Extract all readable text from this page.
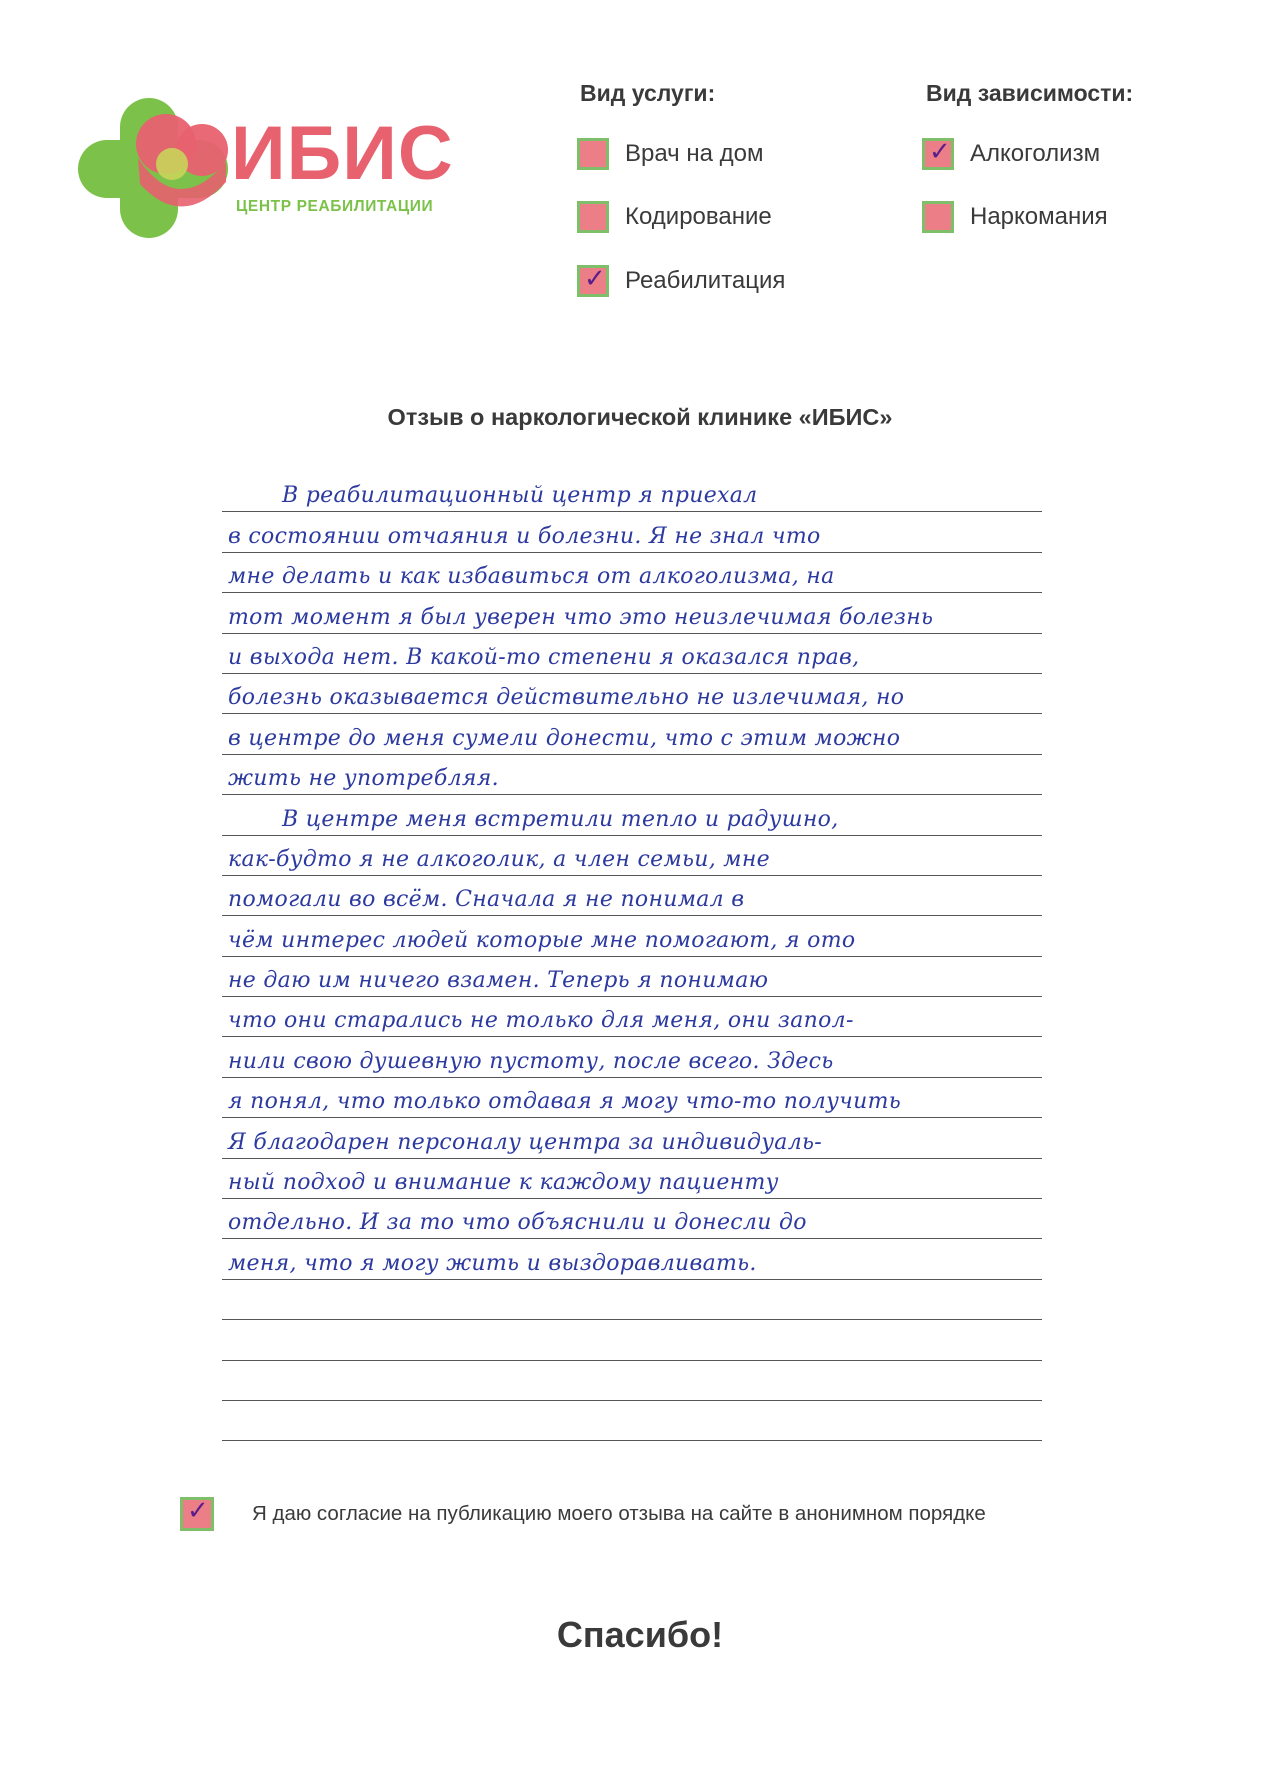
ИБИС
ЦЕНТР РЕАБИЛИТАЦИИ
Вид услуги:
Врач на дом
Кодирование
✓ Реабилитация
Вид зависимости:
✓ Алкоголизм
Наркомания
Отзыв о наркологической клинике «ИБИС»
В реабилитационный центр я приехал
в состоянии отчаяния и болезни. Я не знал что
мне делать и как избавиться от алкоголизма, на
тот момент я был уверен что это неизлечимая болезнь
и выхода нет. В какой-то степени я оказался прав,
болезнь оказывается действительно не излечимая, но
в центре до меня сумели донести, что с этим можно
жить не употребляя.
В центре меня встретили тепло и радушно,
как-будто я не алкоголик, а член семьи, мне
помогали во всём. Сначала я не понимал в
чём интерес людей которые мне помогают, я ото
не даю им ничего взамен. Теперь я понимаю
что они старались не только для меня, они запол-
нили свою душевную пустоту, после всего. Здесь
я понял, что только отдавая я могу что-то получить
Я благодарен персоналу центра за индивидуаль-
ный подход и внимание к каждому пациенту
отдельно. И за то что объяснили и донесли до
меня, что я могу жить и выздоравливать.
✓ Я даю согласие на публикацию моего отзыва на сайте в анонимном порядке
Спасибо!
